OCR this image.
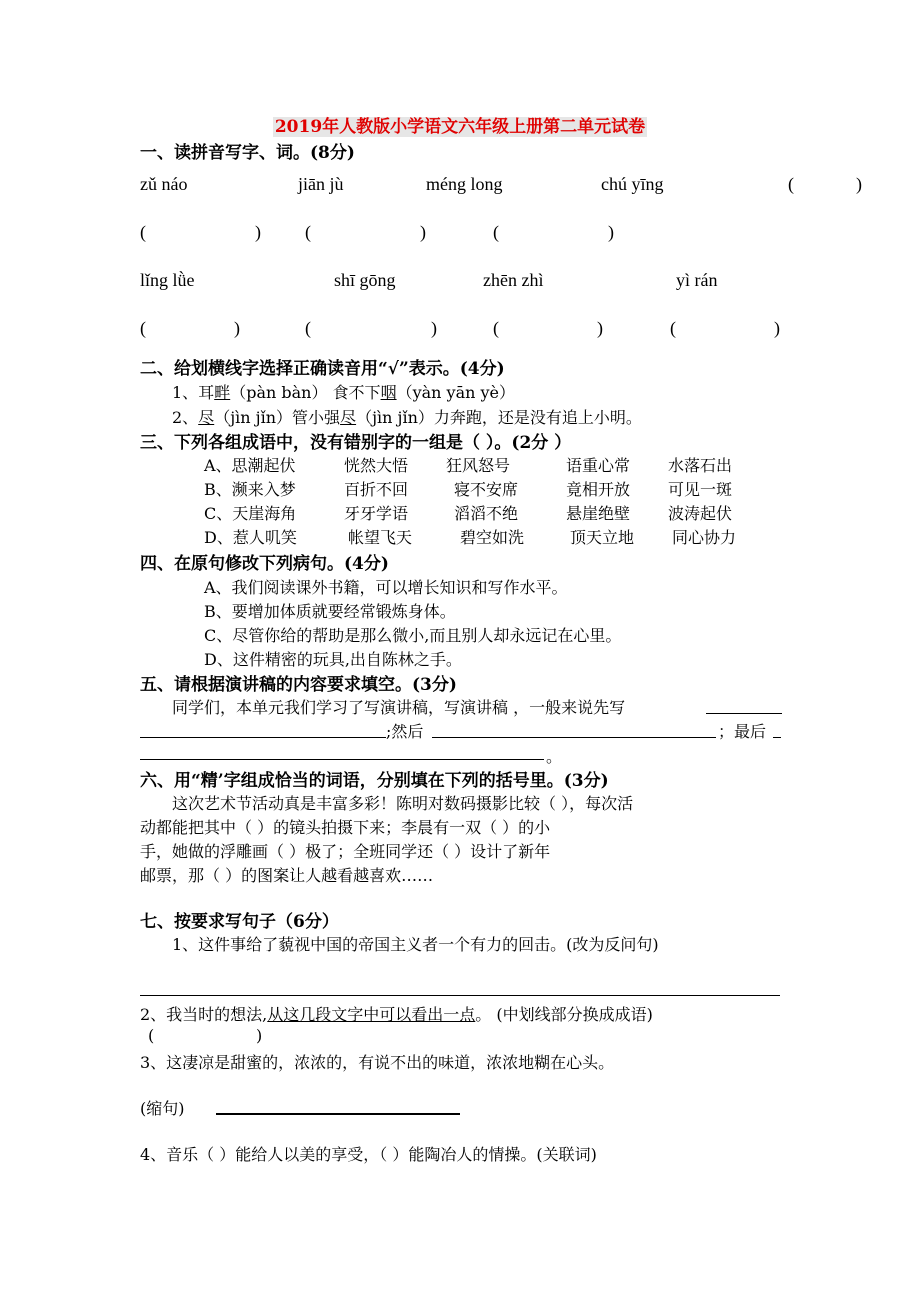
2019年人教版小学语文六年级上册第二单元试卷
一、读拼音写字、词。(8分)
zǔ náo	jiān jù	méng long	chú yīng	(	)
(	) (	)	(	)
lǐng lǜe	shī gōng	zhēn zhì	yì rán
(	)	(	)	(	)	(	)
二、给划横线字选择正确读音用“√”表示。(4分)
1、耳畔（pàn bàn） 食不下咽（yàn yān yè）
2、尽（jìn jǐn）管小强尽（jìn jǐn）力奔跑，还是没有追上小明。
三、下列各组成语中，没有错别字的一组是（ ）。(2分 ）
A、思潮起伏	恍然大悟 狂风怒号	语重心常 水落石出
B、濒来入梦	百折不回	寝不安席	竟相开放 可见一斑
C、天崖海角	牙牙学语	滔滔不绝	悬崖绝壁 波涛起伏
D、惹人叽笑	帐望飞天	碧空如洗	顶天立地 同心协力
四、在原句修改下列病句。(4分)
A、我们阅读课外书籍，可以增长知识和写作水平。
B、要增加体质就要经常锻炼身体。
C、尽管你给的帮助是那么微小,而且别人却永远记在心里。
D、这件精密的玩具,出自陈林之手。
五、请根据演讲稿的内容要求填空。(3分)
同学们，本单元我们学习了写演讲稿，写演讲稿 ，一般来说先写
;然后	；最后
。
六、用“精’字组成恰当的词语，分别填在下列的括号里。(3分)
这次艺术节活动真是丰富多彩！陈明对数码摄影比较（ ），每次活
动都能把其中（ ）的镜头拍摄下来；李晨有一双（ ）的小
手，她做的浮雕画（ ）极了；全班同学还（ ）设计了新年
邮票，那（ ）的图案让人越看越喜欢……
七、按要求写句子（6分）
1、这件事给了藐视中国的帝国主义者一个有力的回击。(改为反问句)
2、我当时的想法,从这几段文字中可以看出一点。 (中划线部分换成成语)
(                    )
3、这凄凉是甜蜜的，浓浓的，有说不出的味道，浓浓地糊在心头。
(缩句)
4、音乐（ ）能给人以美的享受，（ ）能陶冶人的情操。(关联词)
